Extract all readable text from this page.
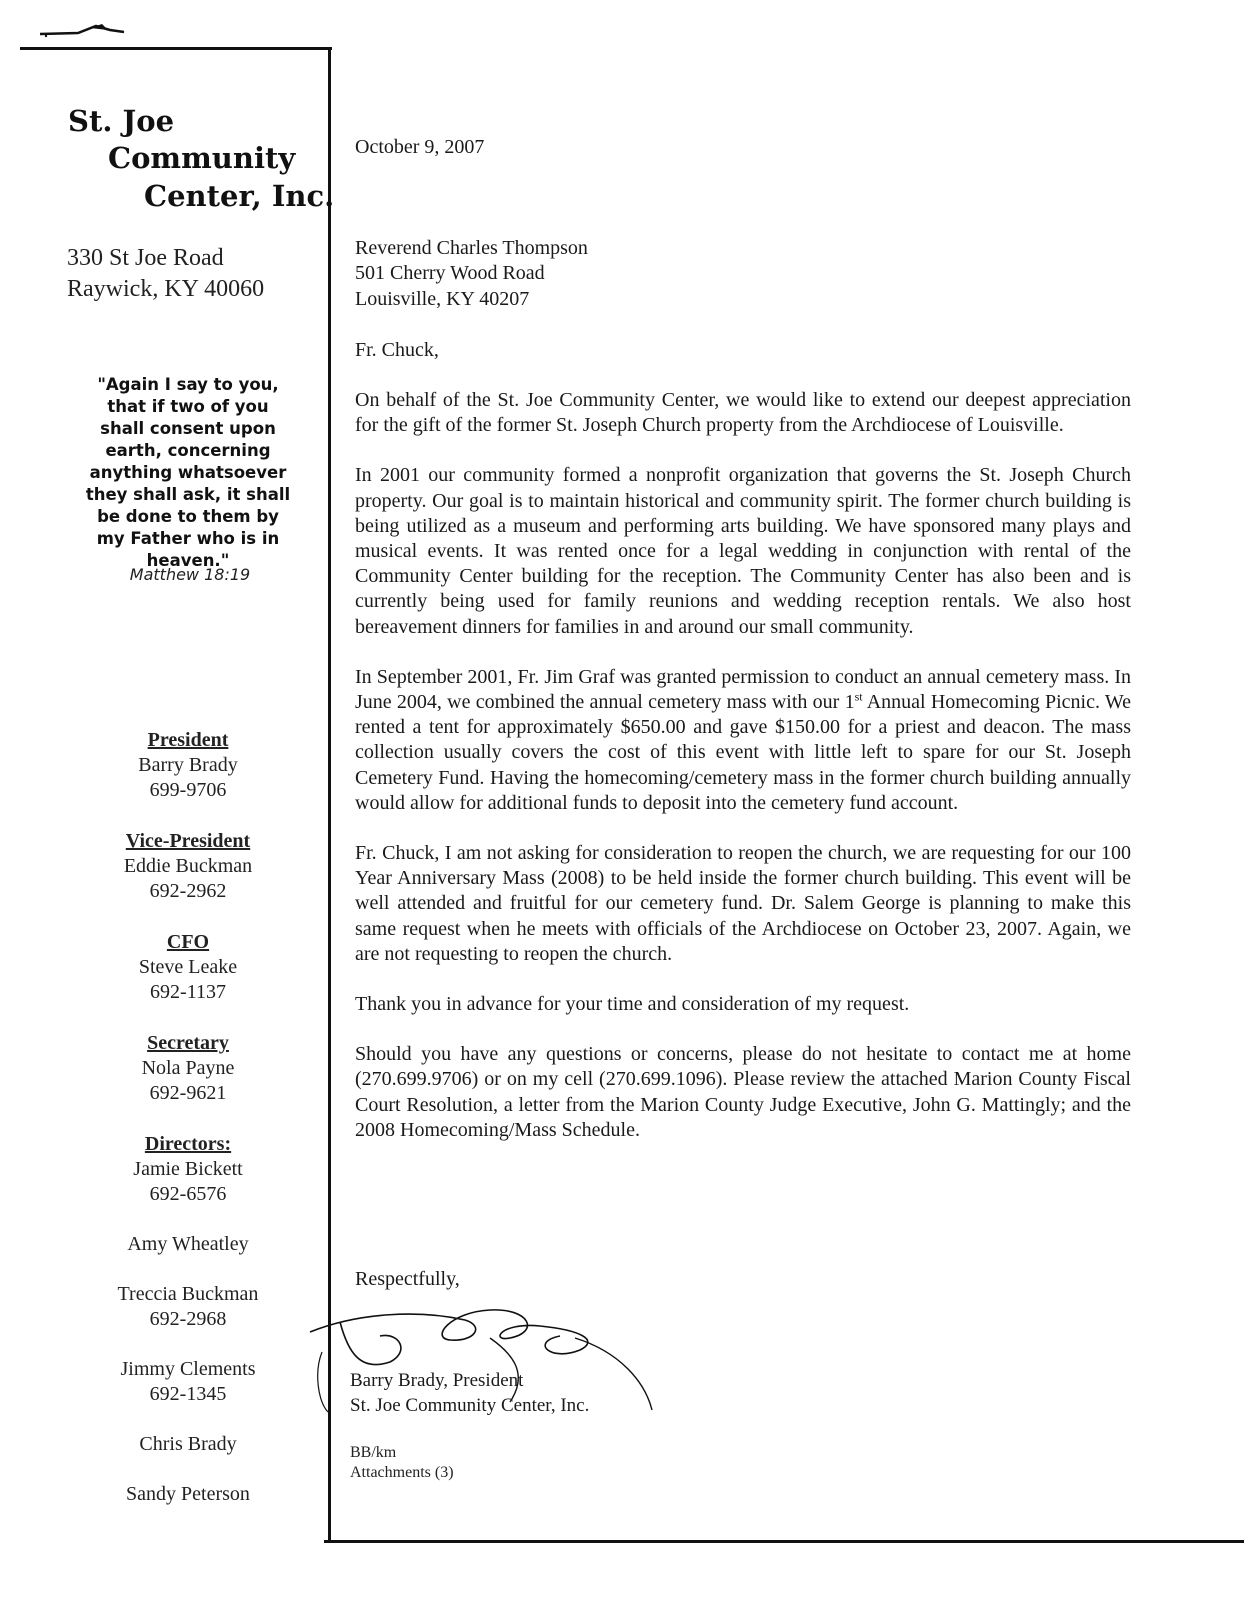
St. Joe
Community
Center, Inc.
330 St Joe Road
Raywick, KY 40060
"Again I say to you,
that if two of you
shall consent upon
earth, concerning
anything whatsoever
they shall ask, it shall
be done to them by
my Father who is in
heaven."
Matthew 18:19
President
Barry Brady
699-9706
Vice-President
Eddie Buckman
692-2962
CFO
Steve Leake
692-1137
Secretary
Nola Payne
692-9621
Directors:
Jamie Bickett
692-6576
Amy Wheatley
Treccia Buckman
692-2968
Jimmy Clements
692-1345
Chris Brady
Sandy Peterson

October 9, 2007

Reverend Charles Thompson
501 Cherry Wood Road
Louisville, KY 40207

Fr. Chuck,

On behalf of the St. Joe Community Center, we would like to extend our deepest appreciation for the gift of the former St. Joseph Church property from the Archdiocese of Louisville.

In 2001 our community formed a nonprofit organization that governs the St. Joseph Church property. Our goal is to maintain historical and community spirit. The former church building is being utilized as a museum and performing arts building. We have sponsored many plays and musical events. It was rented once for a legal wedding in conjunction with rental of the Community Center building for the reception. The Community Center has also been and is currently being used for family reunions and wedding reception rentals. We also host bereavement dinners for families in and around our small community.

In September 2001, Fr. Jim Graf was granted permission to conduct an annual cemetery mass. In June 2004, we combined the annual cemetery mass with our 1st Annual Homecoming Picnic. We rented a tent for approximately $650.00 and gave $150.00 for a priest and deacon. The mass collection usually covers the cost of this event with little left to spare for our St. Joseph Cemetery Fund. Having the homecoming/cemetery mass in the former church building annually would allow for additional funds to deposit into the cemetery fund account.

Fr. Chuck, I am not asking for consideration to reopen the church, we are requesting for our 100 Year Anniversary Mass (2008) to be held inside the former church building. This event will be well attended and fruitful for our cemetery fund. Dr. Salem George is planning to make this same request when he meets with officials of the Archdiocese on October 23, 2007. Again, we are not requesting to reopen the church.

Thank you in advance for your time and consideration of my request.

Should you have any questions or concerns, please do not hesitate to contact me at home (270.699.9706) or on my cell (270.699.1096). Please review the attached Marion County Fiscal Court Resolution, a letter from the Marion County Judge Executive, John G. Mattingly; and the 2008 Homecoming/Mass Schedule.

Respectfully,
Barry Brady, President
St. Joe Community Center, Inc.
BB/km
Attachments (3)
